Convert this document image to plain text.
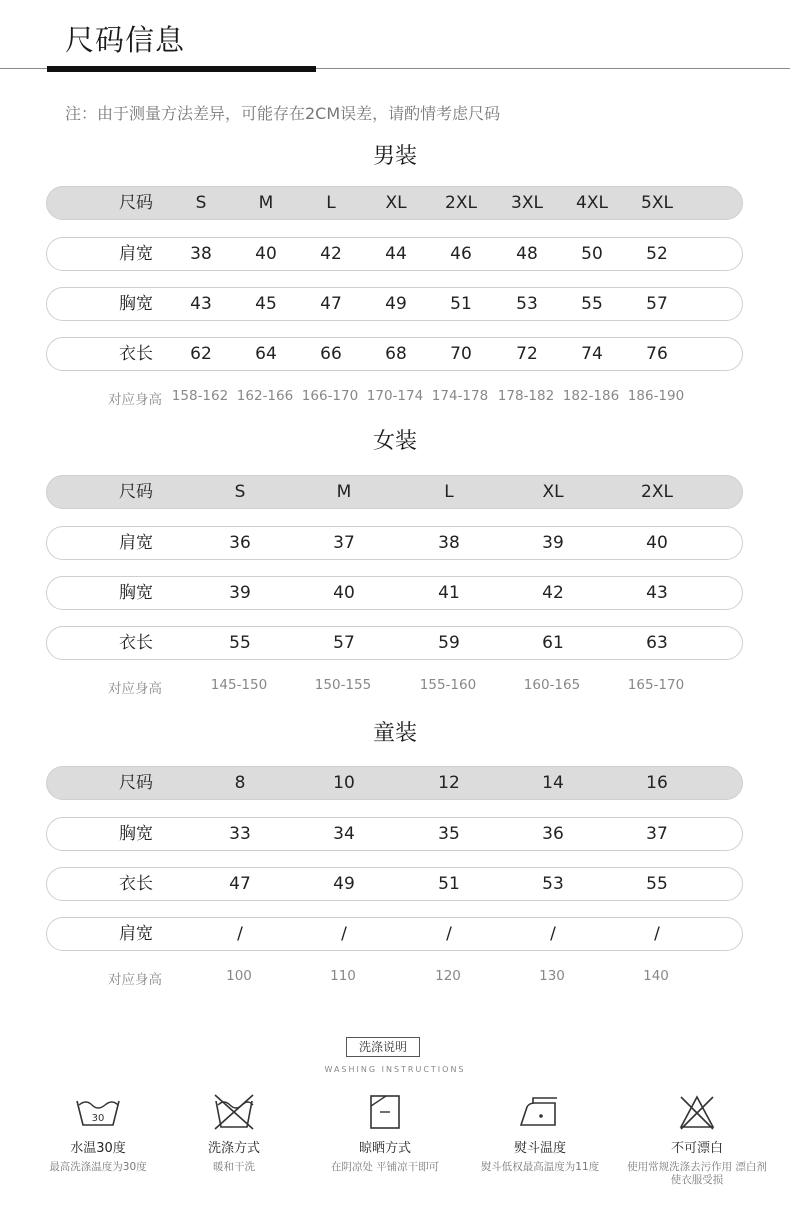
尺码信息
注：由于测量方法差异，可能存在2CM误差，请酌情考虑尺码
男装
尺码	S	M	L	XL 2XL 3XL 4XL 5XL
肩宽 38	40	42	44	46	48	50	52
胸宽 43	45	47	49	51	53	55	57
衣长 62	64	66	68	70	72	74	76
对应身高 158-162 162-166 166-170 170-174 174-178 178-182 182-186 186-190
女装
尺码	S	M	L	XL	2XL
肩宽	36	37	38	39	40
胸宽	39	40	41	42	43
衣长	55	57	59	61	63
对应身高	145-150	150-155	155-160	160-165	165-170
童装
尺码	8	10	12	14	16
胸宽	33	34	35	36	37
衣长	47	49	51	53	55
肩宽	/	/	/	/	/
对应身高	100	110	120	130	140
洗涤说明
WASHING INSTRUCTIONS
30
水温30度
最高洗涤温度为30度
洗涤方式
暖和干洗
晾晒方式
在阴凉处 平铺凉干即可
熨斗温度
熨斗低权最高温度为11度
不可漂白
使用常规洗涤去污作用 漂白剂使衣服受损
